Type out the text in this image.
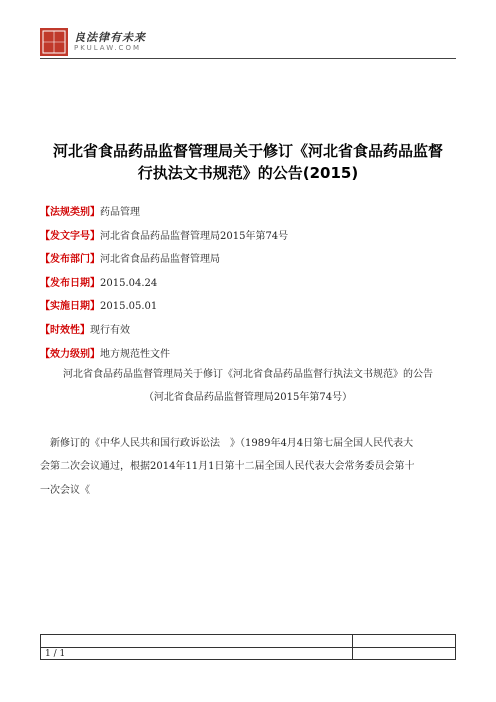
良法律有未来
PKULAW.COM
河北省食品药品监督管理局关于修订《河北省食品药品监督
行执法文书规范》的公告(2015)
【法规类别】药品管理
【发文字号】河北省食品药品监督管理局2015年第74号
【发布部门】河北省食品药品监督管理局
【发布日期】2015.04.24
【实施日期】2015.05.01
【时效性】现行有效
【效力级别】地方规范性文件
河北省食品药品监督管理局关于修订《河北省食品药品监督行执法文书规范》的公告
（河北省食品药品监督管理局2015年第74号）
新修订的《中华人民共和国行政诉讼法　》（1989年4月4日第七届全国人民代表大
会第二次会议通过，根据2014年11月1日第十二届全国人民代表大会常务委员会第十
一次会议《
1 / 1
